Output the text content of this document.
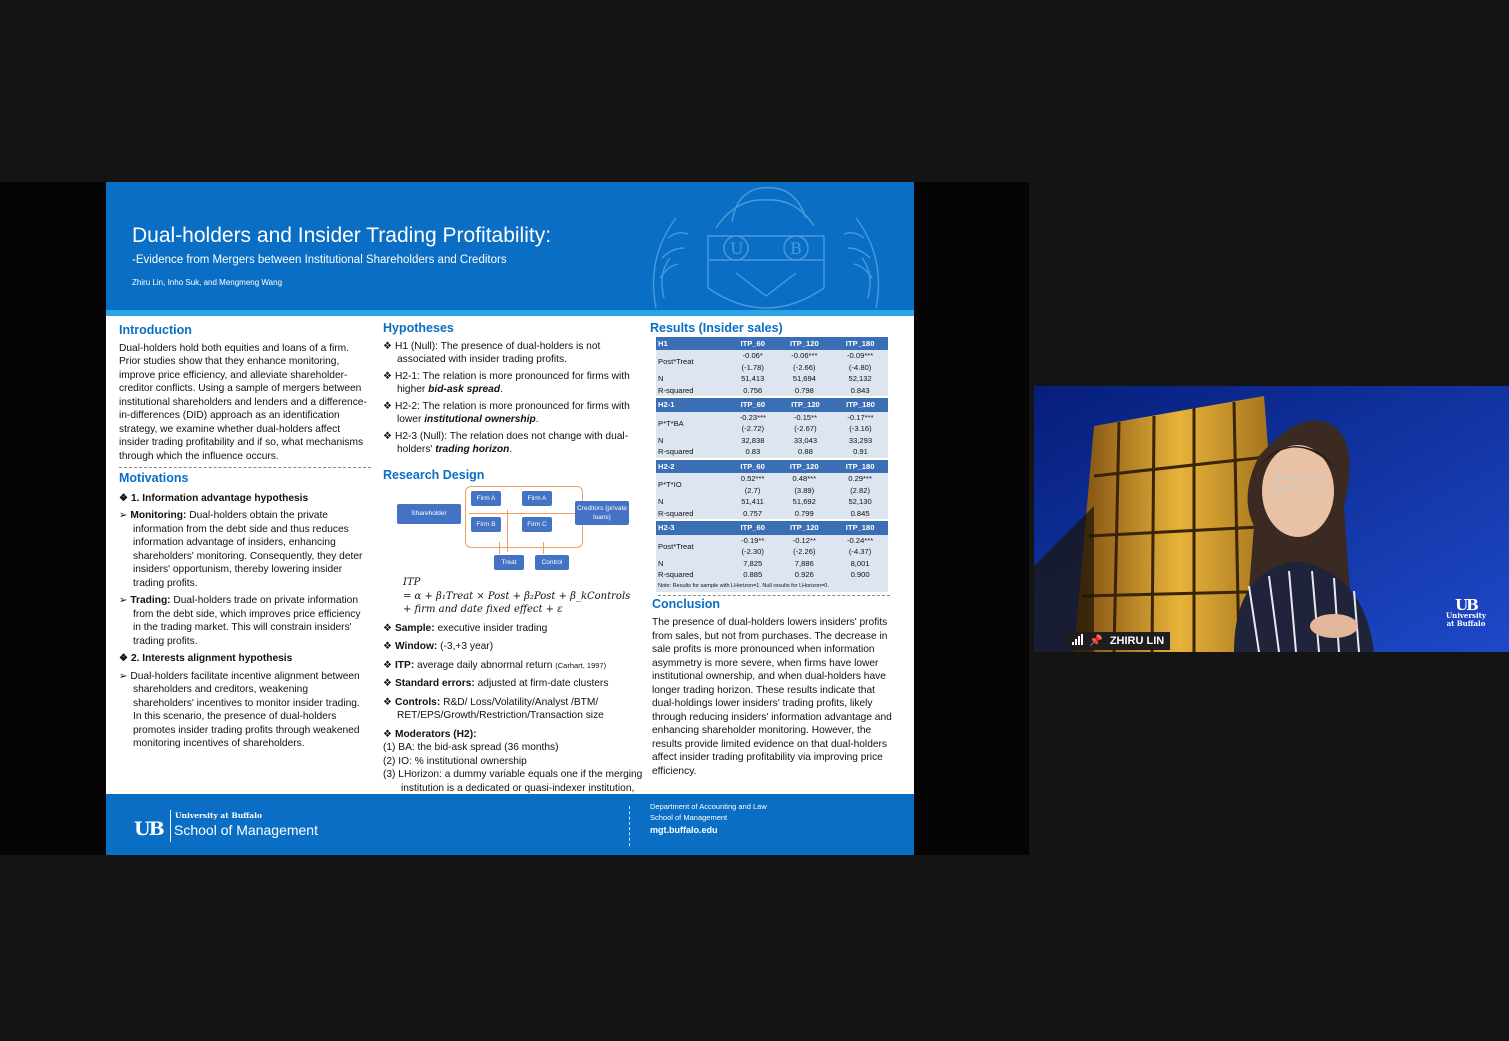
U	B
Dual-holders and Insider Trading Profitability:
-Evidence from Mergers between Institutional Shareholders and Creditors
Zhiru Lin, Inho Suk, and Mengmeng Wang
Introduction
Dual-holders hold both equities and loans of a firm. Prior studies show that they enhance monitoring, improve price efficiency, and alleviate shareholder-creditor conflicts. Using a sample of mergers between institutional shareholders and lenders and a difference-in-differences (DID) approach as an identification strategy, we examine whether dual-holders affect insider trading profitability and if so, what mechanisms through which the influence occurs.
Motivations
❖ 1. Information advantage hypothesis
➢ Monitoring: Dual-holders obtain the private information from the debt side and thus reduces information advantage of insiders, enhancing shareholders' monitoring. Consequently, they deter insiders' opportunism, thereby lowering insider trading profits.
➢ Trading: Dual-holders trade on private information from the debt side, which improves price efficiency in the trading market. This will constrain insiders' trading profits.
❖ 2. Interests alignment hypothesis
➢ Dual-holders facilitate incentive alignment between shareholders and creditors, weakening shareholders' incentives to monitor insider trading. In this scenario, the presence of dual-holders promotes insider trading profits through weakened monitoring incentives of shareholders.
Hypotheses
❖ H1 (Null): The presence of dual-holders is not associated with insider trading profits.
❖ H2-1: The relation is more pronounced for firms with higher bid-ask spread.
❖ H2-2: The relation is more pronounced for firms with lower institutional ownership.
❖ H2-3 (Null): The relation does not change with dual-holders' trading horizon.
Research Design
Shareholder
Firm A	Firm A
Firm B	Firm C
Creditors (private loans)
Treat	Control
ITP
= α + β₁Treat × Post + β₂Post + β_kControls
+ firm and date fixed effect + ε
❖ Sample: executive insider trading
❖ Window: (-3,+3 year)
❖ ITP: average daily abnormal return (Carhart, 1997)
❖ Standard errors: adjusted at firm-date clusters
❖ Controls: R&D/ Loss/Volatility/Analyst /BTM/ RET/EPS/Growth/Restriction/Transaction size
❖ Moderators (H2):
(1) BA: the bid-ask spread (36 months)
(2) IO: % institutional ownership
(3) LHorizon: a dummy variable equals one if the merging institution is a dedicated or quasi-indexer institution,
Results (Insider sales)
H1	ITP_60	ITP_120	ITP_180
Post*Treat	-0.06*	-0.06***	-0.09***
	(-1.78)	(-2.66)	(-4.80)
N	51,413	51,694	52,132
R-squared	0.756	0.798	0.843
H2-1	ITP_60	ITP_120	ITP_180
P*T*BA	-0.23***	-0.15**	-0.17***
	(-2.72)	(-2.67)	(-3.16)
N	32,838	33,043	33,293
R-squared	0.83	0.88	0.91
H2-2	ITP_60	ITP_120	ITP_180
P*T*IO	0.52***	0.48***	0.29***
	(2.7)	(3.89)	(2.82)
N	51,411	51,692	52,130
R-squared	0.757	0.799	0.845
H2-3	ITP_60	ITP_120	ITP_180
Post*Treat	-0.19**	-0.12**	-0.24***
	(-2.30)	(-2.26)	(-4.37)
N	7,825	7,886	8,001
R-squared	0.885	0.926	0.900
Note: Results for sample with LHorizon=1. Null results for LHorizon=0.			
Conclusion
The presence of dual-holders lowers insiders' profits from sales, but not from purchases. The decrease in sale profits is more pronounced when information asymmetry is more severe, when firms have lower institutional ownership, and when dual-holders have longer trading horizon. These results indicate that dual-holdings lower insiders' trading profits, likely through reducing insiders' information advantage and enhancing shareholder monitoring. However, the results provide limited evidence on that dual-holders affect insider trading profitability via improving price efficiency.
UB
University at Buffalo
School of Management
Department of Accounting and Law
School of Management
mgt.buffalo.edu
UB
University
at Buffalo
📌 ZHIRU LIN
